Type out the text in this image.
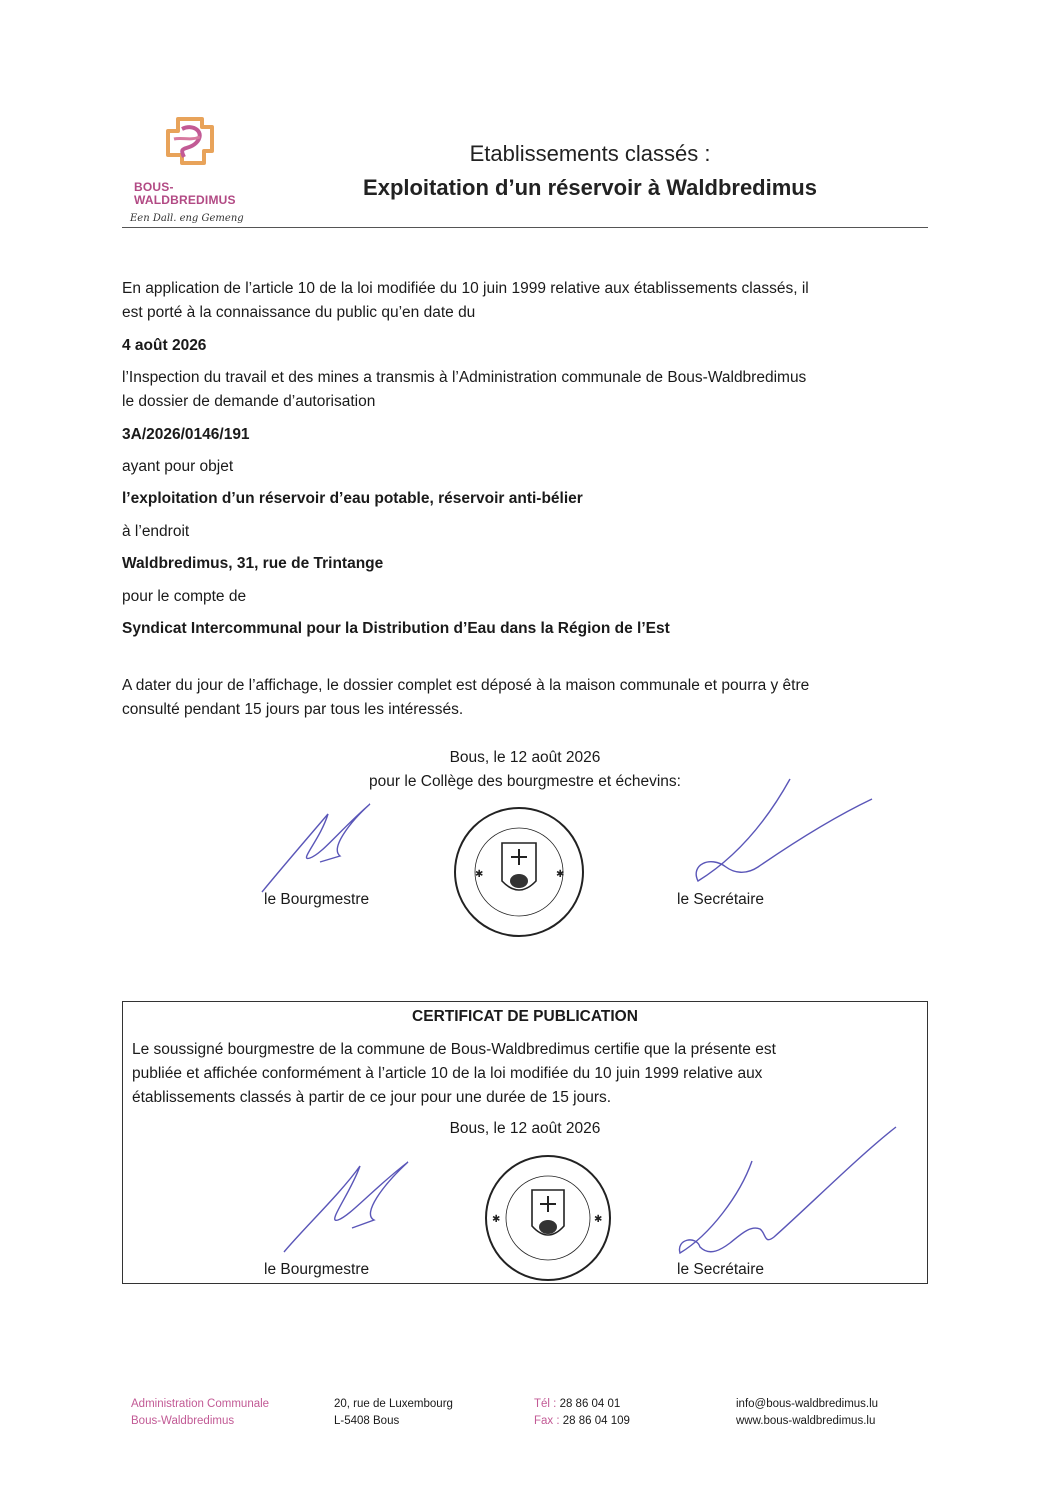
BOUS-
WALDBREDIMUS
Een Dall. eng Gemeng
Etablissements classés :
Exploitation d’un réservoir à Waldbredimus
En application de l’article 10 de la loi modifiée du 10 juin 1999 relative aux établissements classés, il
est porté à la connaissance du public qu’en date du
4 août 2026
l’Inspection du travail et des mines a transmis à l’Administration communale de Bous-Waldbredimus
le dossier de demande d’autorisation
3A/2026/0146/191
ayant pour objet
l’exploitation d’un réservoir d’eau potable, réservoir anti-bélier
à l’endroit
Waldbredimus, 31, rue de Trintange
pour le compte de
Syndicat Intercommunal pour la Distribution d’Eau dans la Région de l’Est
A dater du jour de l’affichage, le dossier complet est déposé à la maison communale et pourra y être
consulté pendant 15 jours par tous les intéressés.
Bous, le 12 août 2026
pour le Collège des bourgmestre et échevins:
le Bourgmestre
✱	✱
le Secrétaire
CERTIFICAT DE PUBLICATION
Le soussigné bourgmestre de la commune de Bous-Waldbredimus certifie que la présente est
publiée et affichée conformément à l’article 10 de la loi modifiée du 10 juin 1999 relative aux
établissements classés à partir de ce jour pour une durée de 15 jours.
Bous, le 12 août 2026
le Bourgmestre
✱	✱
le Secrétaire
Administration Communale
Bous-Waldbredimus
20, rue de Luxembourg
L-5408 Bous
Tél : 28 86 04 01
Fax : 28 86 04 109
info@bous-waldbredimus.lu
www.bous-waldbredimus.lu
